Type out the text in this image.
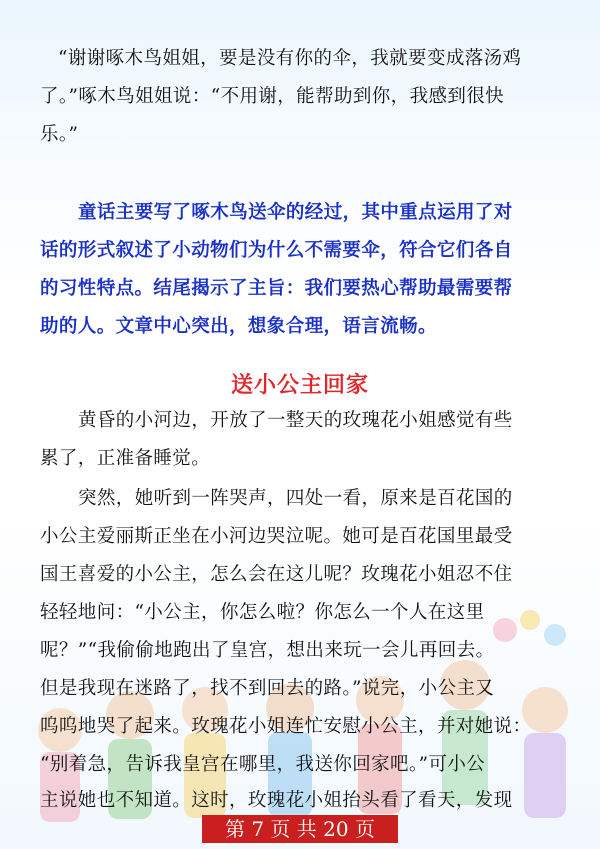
“谢谢啄木鸟姐姐，要是没有你的伞，我就要变成落汤鸡

了。”啄木鸟姐姐说：“不用谢，能帮助到你，我感到很快

乐。”

童话主要写了啄木鸟送伞的经过，其中重点运用了对

话的形式叙述了小动物们为什么不需要伞，符合它们各自

的习性特点。结尾揭示了主旨：我们要热心帮助最需要帮

助的人。文章中心突出，想象合理，语言流畅。

送小公主回家

黄昏的小河边，开放了一整天的玫瑰花小姐感觉有些

累了，正准备睡觉。

突然，她听到一阵哭声，四处一看，原来是百花国的

小公主爱丽斯正坐在小河边哭泣呢。她可是百花国里最受

国王喜爱的小公主，怎么会在这儿呢？玫瑰花小姐忍不住

轻轻地问：“小公主，你怎么啦？你怎么一个人在这里

呢？”“我偷偷地跑出了皇宫，想出来玩一会儿再回去。

但是我现在迷路了，找不到回去的路。”说完，小公主又

呜呜地哭了起来。玫瑰花小姐连忙安慰小公主，并对她说：

“别着急，告诉我皇宫在哪里，我送你回家吧。”可小公

主说她也不知道。这时，玫瑰花小姐抬头看了看天，发现

第 7 页 共 20 页
